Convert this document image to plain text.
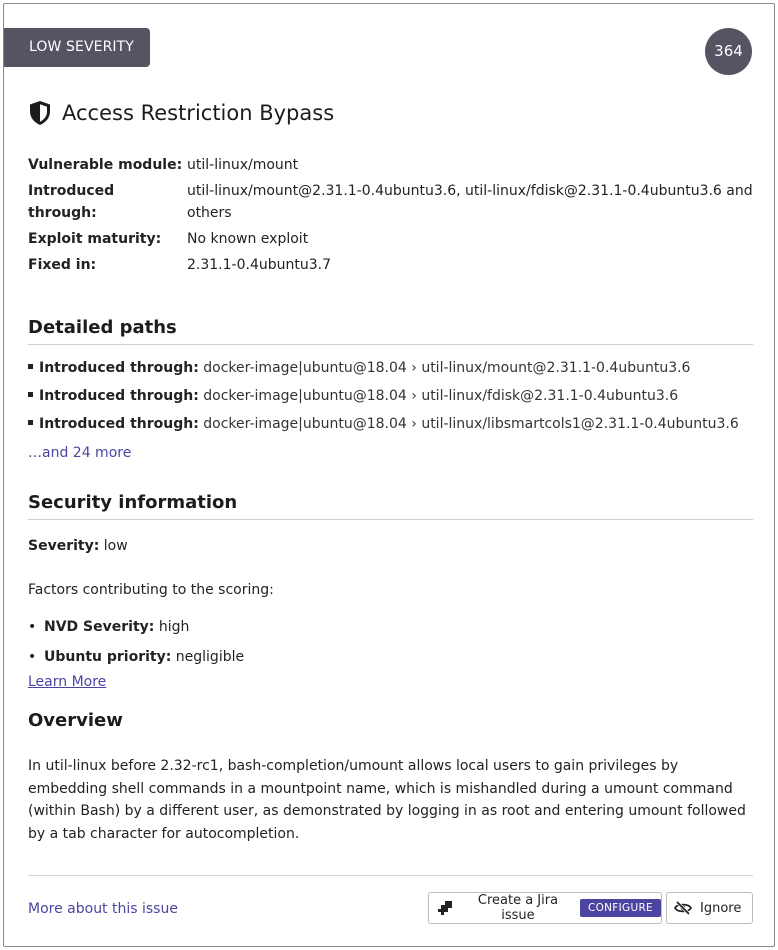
LOW SEVERITY	364
Access Restriction Bypass
Vulnerable module: util-linux/mount
Introduced through:
util-linux/mount@2.31.1-0.4ubuntu3.6, util-linux/fdisk@2.31.1-0.4ubuntu3.6 and others
Exploit maturity:	No known exploit
Fixed in:	2.31.1-0.4ubuntu3.7
Detailed paths
Introduced through: docker-image|ubuntu@18.04 › util-linux/mount@2.31.1-0.4ubuntu3.6
Introduced through: docker-image|ubuntu@18.04 › util-linux/fdisk@2.31.1-0.4ubuntu3.6
Introduced through: docker-image|ubuntu@18.04 › util-linux/libsmartcols1@2.31.1-0.4ubuntu3.6
…and 24 more
Security information
Severity: low
Factors contributing to the scoring:
• NVD Severity: high
• Ubuntu priority: negligible
Learn More
Overview

In util-linux before 2.32-rc1, bash-completion/umount allows local users to gain privileges by embedding shell commands in a mountpoint name, which is mishandled during a umount command (within Bash) by a different user, as demonstrated by logging in as root and entering umount followed by a tab character for autocompletion.

More about this issue
Create a Jira issue	CONFIGURE	Ignore
